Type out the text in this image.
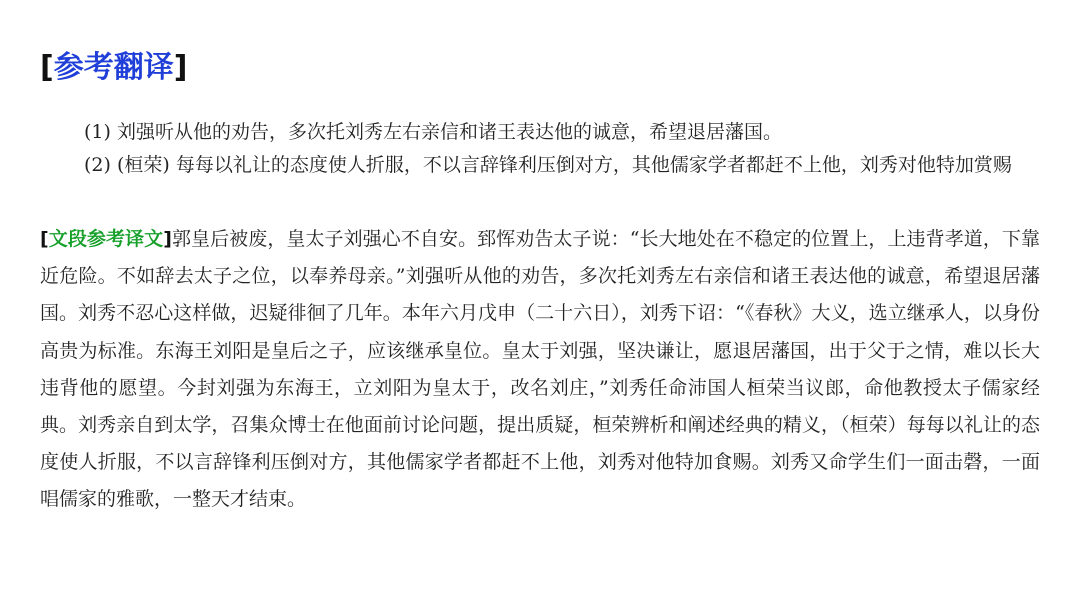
[参考翻译]
(1) 刘强听从他的劝告，多次托刘秀左右亲信和诸王表达他的诚意，希望退居藩国。
(2) (桓荣) 每每以礼让的态度使人折服，不以言辞锋利压倒对方，其他儒家学者都赶不上他，刘秀对他特加赏赐
[文段参考译文]郭皇后被废，皇太子刘强心不自安。郅恽劝告太子说：“长大地处在不稳定的位置上，上违背孝道，下靠近危险。不如辞去太子之位，以奉养母亲。”刘强听从他的劝告，多次托刘秀左右亲信和诸王表达他的诚意，希望退居藩国。刘秀不忍心这样做，迟疑徘徊了几年。本年六月戊申（二十六日），刘秀下诏：“《春秋》大义，选立继承人，以身份高贵为标准。东海王刘阳是皇后之子，应该继承皇位。皇太于刘强，坚决谦让，愿退居藩国，出于父于之情，难以长大违背他的愿望。今封刘强为东海王，立刘阳为皇太于，改名刘庄，”刘秀任命沛国人桓荣当议郎，命他教授太子儒家经典。刘秀亲自到太学，召集众博士在他面前讨论问题，提出质疑，桓荣辨析和阐述经典的精义，（桓荣）每每以礼让的态度使人折服，不以言辞锋利压倒对方，其他儒家学者都赶不上他，刘秀对他特加食赐。刘秀又命学生们一面击磬，一面唱儒家的雅歌，一整天才结束。
